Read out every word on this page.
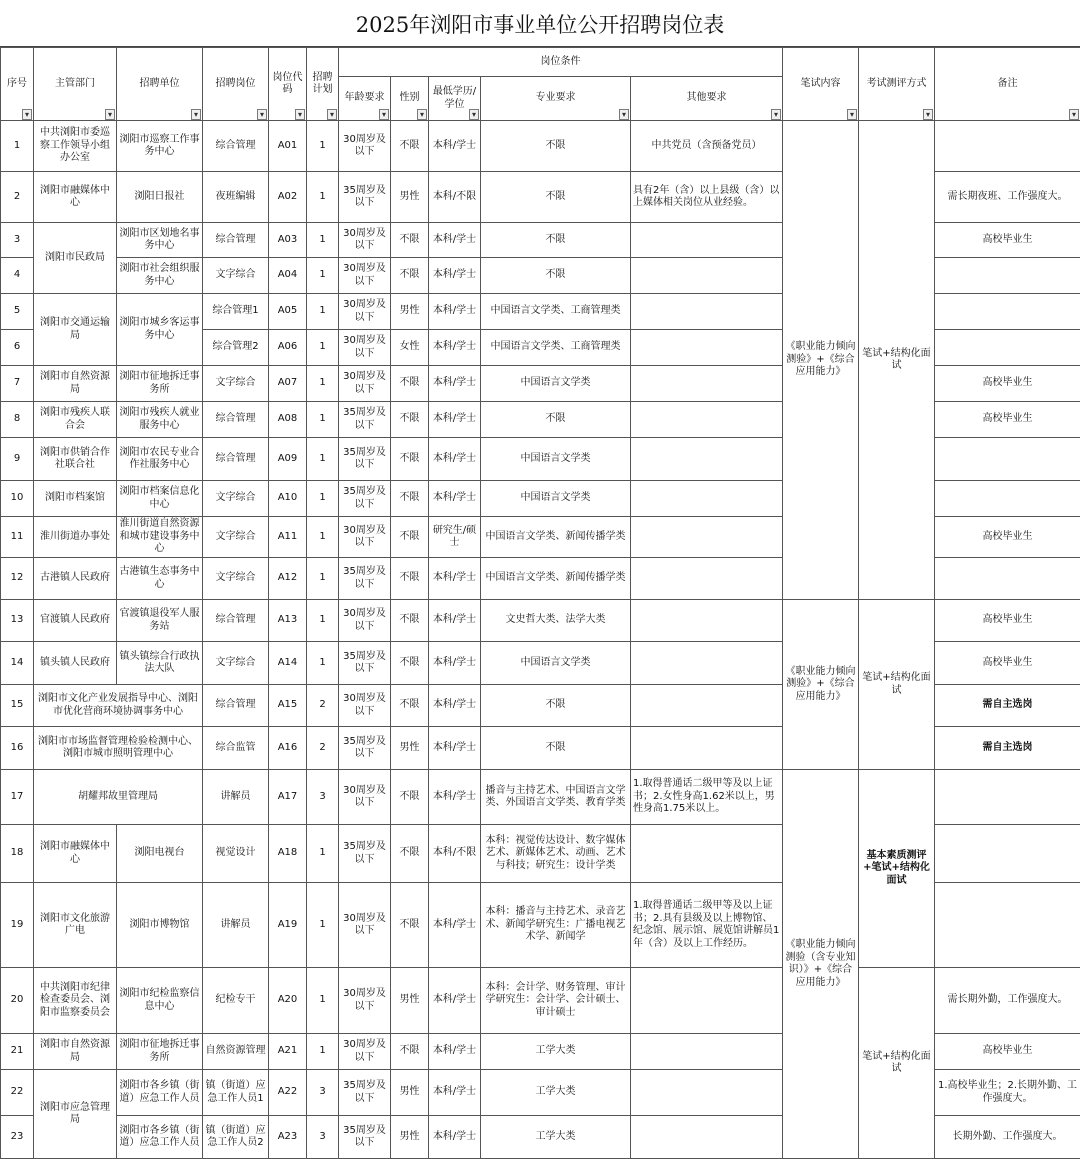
2025年浏阳市事业单位公开招聘岗位表
序号 ▾	主管部门 ▾	招聘单位 ▾	招聘岗位 ▾	岗位代码 ▾	招聘计划 ▾	岗位条件					笔试内容 ▾	考试测评方式 ▾	备注 ▾
						年龄要求 ▾	性别 ▾	最低学历/学位 ▾	专业要求 ▾	其他要求 ▾
1	中共浏阳市委巡察工作领导小组办公室	浏阳市巡察工作事务中心	综合管理	A01	1	30周岁及以下	不限	本科/学士	不限	中共党员（含预备党员）	《职业能力倾向测验》+《综合应用能力》	笔试+结构化面试	
2	浏阳市融媒体中心	浏阳日报社	夜班编辑	A02	1	35周岁及以下	男性	本科/不限	不限	具有2年（含）以上县级（含）以上媒体相关岗位从业经验。			需长期夜班、工作强度大。
3	浏阳市民政局	浏阳市区划地名事务中心	综合管理	A03	1	30周岁及以下	不限	本科/学士	不限				高校毕业生
4		浏阳市社会组织服务中心	文字综合	A04	1	30周岁及以下	不限	本科/学士	不限				
5	浏阳市交通运输局	浏阳市城乡客运事务中心	综合管理1	A05	1	30周岁及以下	男性	本科/学士	中国语言文学类、工商管理类				
6			综合管理2	A06	1	30周岁及以下	女性	本科/学士	中国语言文学类、工商管理类				
7	浏阳市自然资源局	浏阳市征地拆迁事务所	文字综合	A07	1	30周岁及以下	不限	本科/学士	中国语言文学类				高校毕业生
8	浏阳市残疾人联合会	浏阳市残疾人就业服务中心	综合管理	A08	1	35周岁及以下	不限	本科/学士	不限				高校毕业生
9	浏阳市供销合作社联合社	浏阳市农民专业合作社服务中心	综合管理	A09	1	35周岁及以下	不限	本科/学士	中国语言文学类				
10	浏阳市档案馆	浏阳市档案信息化中心	文字综合	A10	1	35周岁及以下	不限	本科/学士	中国语言文学类				
11	淮川街道办事处	淮川街道自然资源和城市建设事务中心	文字综合	A11	1	30周岁及以下	不限	研究生/硕士	中国语言文学类、新闻传播学类				高校毕业生
12	古港镇人民政府	古港镇生态事务中心	文字综合	A12	1	35周岁及以下	不限	本科/学士	中国语言文学类、新闻传播学类				
13	官渡镇人民政府	官渡镇退役军人服务站	综合管理	A13	1	30周岁及以下	不限	本科/学士	文史哲大类、法学大类		《职业能力倾向测验》+《综合应用能力》	笔试+结构化面试	高校毕业生
14	镇头镇人民政府	镇头镇综合行政执法大队	文字综合	A14	1	35周岁及以下	不限	本科/学士	中国语言文学类				高校毕业生
15	浏阳市文化产业发展指导中心、浏阳市优化营商环境协调事务中心		综合管理	A15	2	30周岁及以下	不限	本科/学士	不限				需自主选岗
16	浏阳市市场监督管理检验检测中心、浏阳市城市照明管理中心		综合监管	A16	2	35周岁及以下	男性	本科/学士	不限				需自主选岗
17	胡耀邦故里管理局		讲解员	A17	3	30周岁及以下	不限	本科/学士	播音与主持艺术、中国语言文学类、外国语言文学类、教育学类	1.取得普通话二级甲等及以上证书；2.女性身高1.62米以上，男性身高1.75米以上。	《职业能力倾向测验（含专业知识）》+《综合应用能力》	基本素质测评+笔试+结构化面试	
18	浏阳市融媒体中心	浏阳电视台	视觉设计	A18	1	35周岁及以下	不限	本科/不限	本科：视觉传达设计、数字媒体艺术、新媒体艺术、动画、艺术与科技；研究生：设计学类				
19	浏阳市文化旅游广电	浏阳市博物馆	讲解员	A19	1	30周岁及以下	不限	本科/学士	本科：播音与主持艺术、录音艺术、新闻学研究生：广播电视艺术学、新闻学	1.取得普通话二级甲等及以上证书；2.具有县级及以上博物馆、纪念馆、展示馆、展览馆讲解员1年（含）及以上工作经历。			
20	中共浏阳市纪律检查委员会、浏阳市监察委员会	浏阳市纪检监察信息中心	纪检专干	A20	1	30周岁及以下	男性	本科/学士	本科：会计学、财务管理、审计学研究生：会计学、会计硕士、审计硕士			笔试+结构化面试	需长期外勤，工作强度大。
21	浏阳市自然资源局	浏阳市征地拆迁事务所	自然资源管理	A21	1	30周岁及以下	不限	本科/学士	工学大类				高校毕业生
22	浏阳市应急管理局	浏阳市各乡镇（街道）应急工作人员	镇（街道）应急工作人员1	A22	3	35周岁及以下	男性	本科/学士	工学大类				1.高校毕业生；2.长期外勤、工作强度大。
23		浏阳市各乡镇（街道）应急工作人员	镇（街道）应急工作人员2	A23	3	35周岁及以下	男性	本科/学士	工学大类				长期外勤、工作强度大。
